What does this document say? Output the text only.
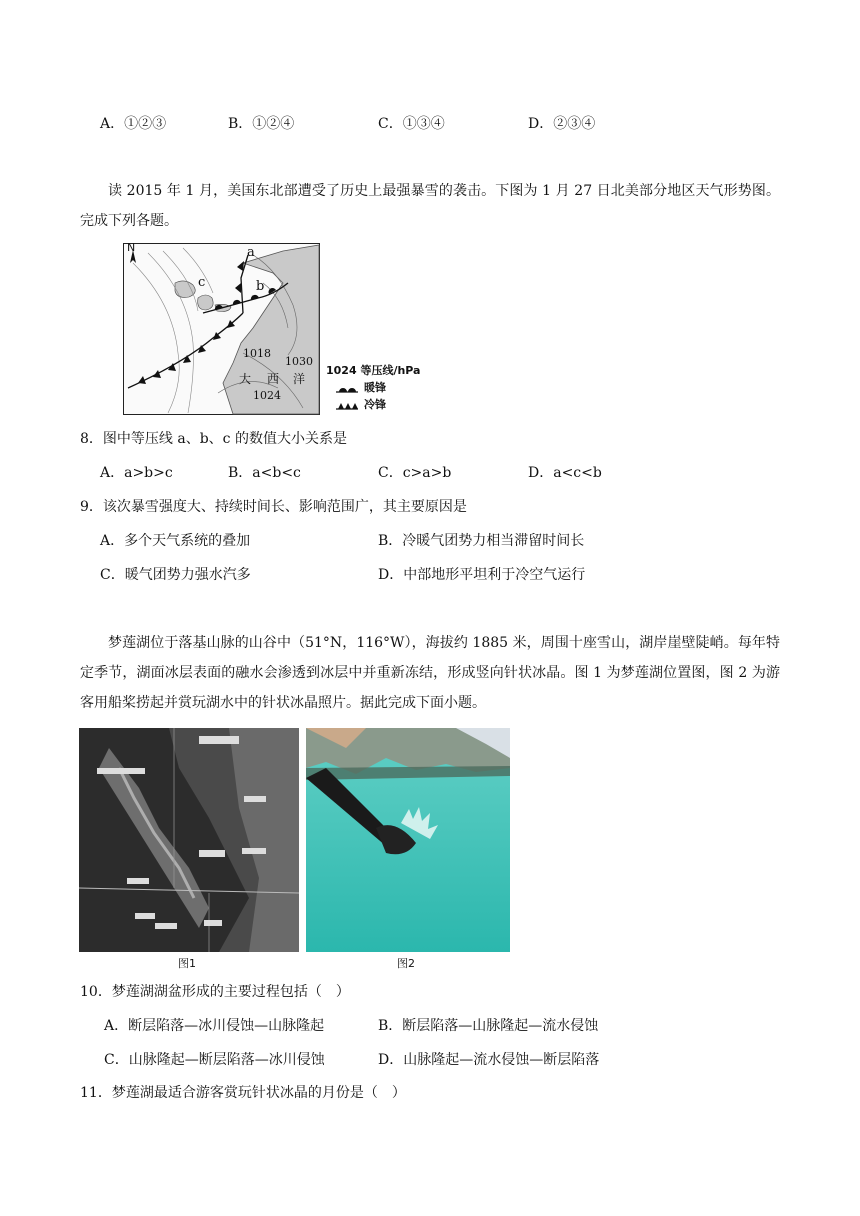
A．①②③	B．①②④	C．①③④	D．②③④
读 2015 年 1 月，美国东北部遭受了历史上最强暴雪的袭击。下图为 1 月 27 日北美部分地区天气形势图。完成下列各题。
N	a
b
c
1018
1030
1024
大 西 洋
1024 等压线/hPa
暖锋
冷锋
8．图中等压线 a、b、c 的数值大小关系是
A．a>b>c	B．a<b<c	C．c>a>b	D．a<c<b
9．该次暴雪强度大、持续时间长、影响范围广，其主要原因是
A．多个天气系统的叠加	B．冷暖气团势力相当滞留时间长
C．暖气团势力强水汽多	D．中部地形平坦利于冷空气运行
梦莲湖位于落基山脉的山谷中（51°N，116°W），海拔约 1885 米，周围十座雪山，湖岸崖壁陡峭。每年特定季节，湖面冰层表面的融水会渗透到冰层中并重新冻结，形成竖向针状冰晶。图 1 为梦莲湖位置图，图 2 为游客用船桨捞起并赏玩湖水中的针状冰晶照片。据此完成下面小题。
图1	图2
10．梦莲湖湖盆形成的主要过程包括（　）
A．断层陷落—冰川侵蚀—山脉隆起	B．断层陷落—山脉隆起—流水侵蚀
C．山脉隆起—断层陷落—冰川侵蚀	D．山脉隆起—流水侵蚀—断层陷落
11．梦莲湖最适合游客赏玩针状冰晶的月份是（　）
